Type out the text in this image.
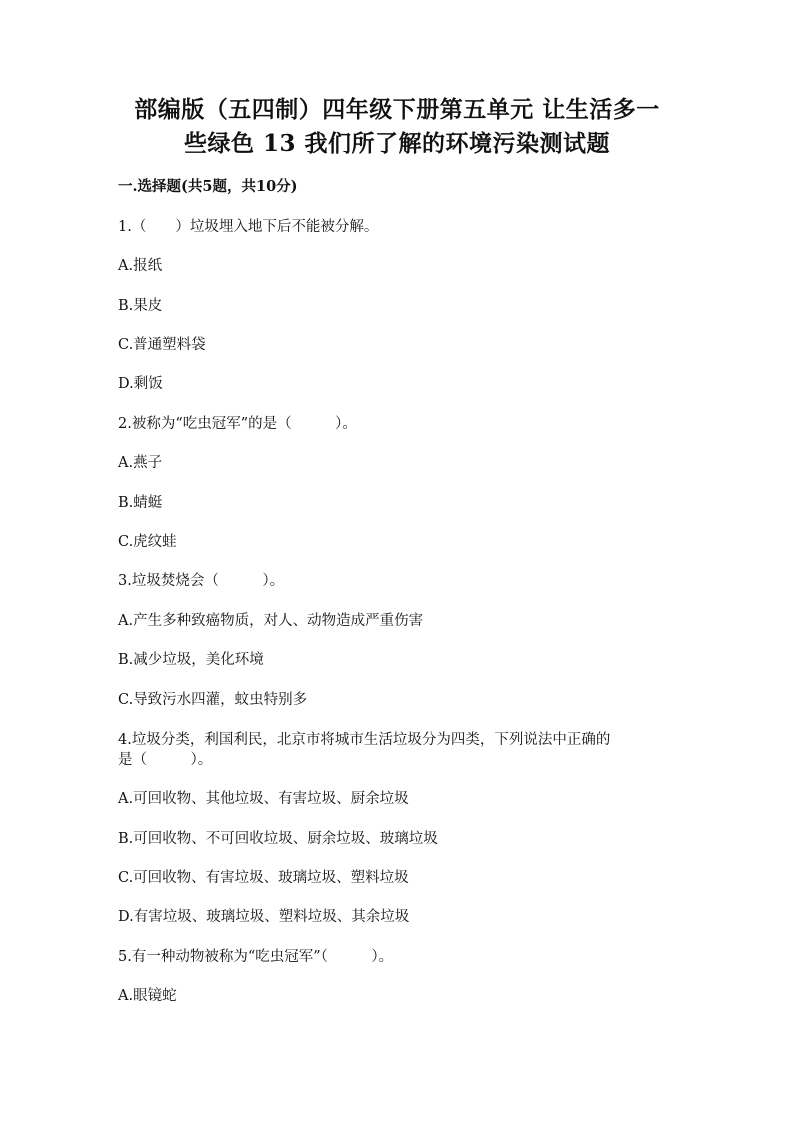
部编版（五四制）四年级下册第五单元 让生活多一
些绿色 13 我们所了解的环境污染测试题
一.选择题(共5题，共10分)
1.（　　）垃圾埋入地下后不能被分解。
A.报纸
B.果皮
C.普通塑料袋
D.剩饭
2.被称为“吃虫冠军”的是（　　　）。
A.燕子
B.蜻蜓
C.虎纹蛙
3.垃圾焚烧会（　　　）。
A.产生多种致癌物质，对人、动物造成严重伤害
B.减少垃圾，美化环境
C.导致污水四灌，蚊虫特别多
4.垃圾分类，利国利民，北京市将城市生活垃圾分为四类，下列说法中正确的
是（　　　）。
A.可回收物、其他垃圾、有害垃圾、厨余垃圾
B.可回收物、不可回收垃圾、厨余垃圾、玻璃垃圾
C.可回收物、有害垃圾、玻璃垃圾、塑料垃圾
D.有害垃圾、玻璃垃圾、塑料垃圾、其余垃圾
5.有一种动物被称为“吃虫冠军”（　　　）。
A.眼镜蛇
